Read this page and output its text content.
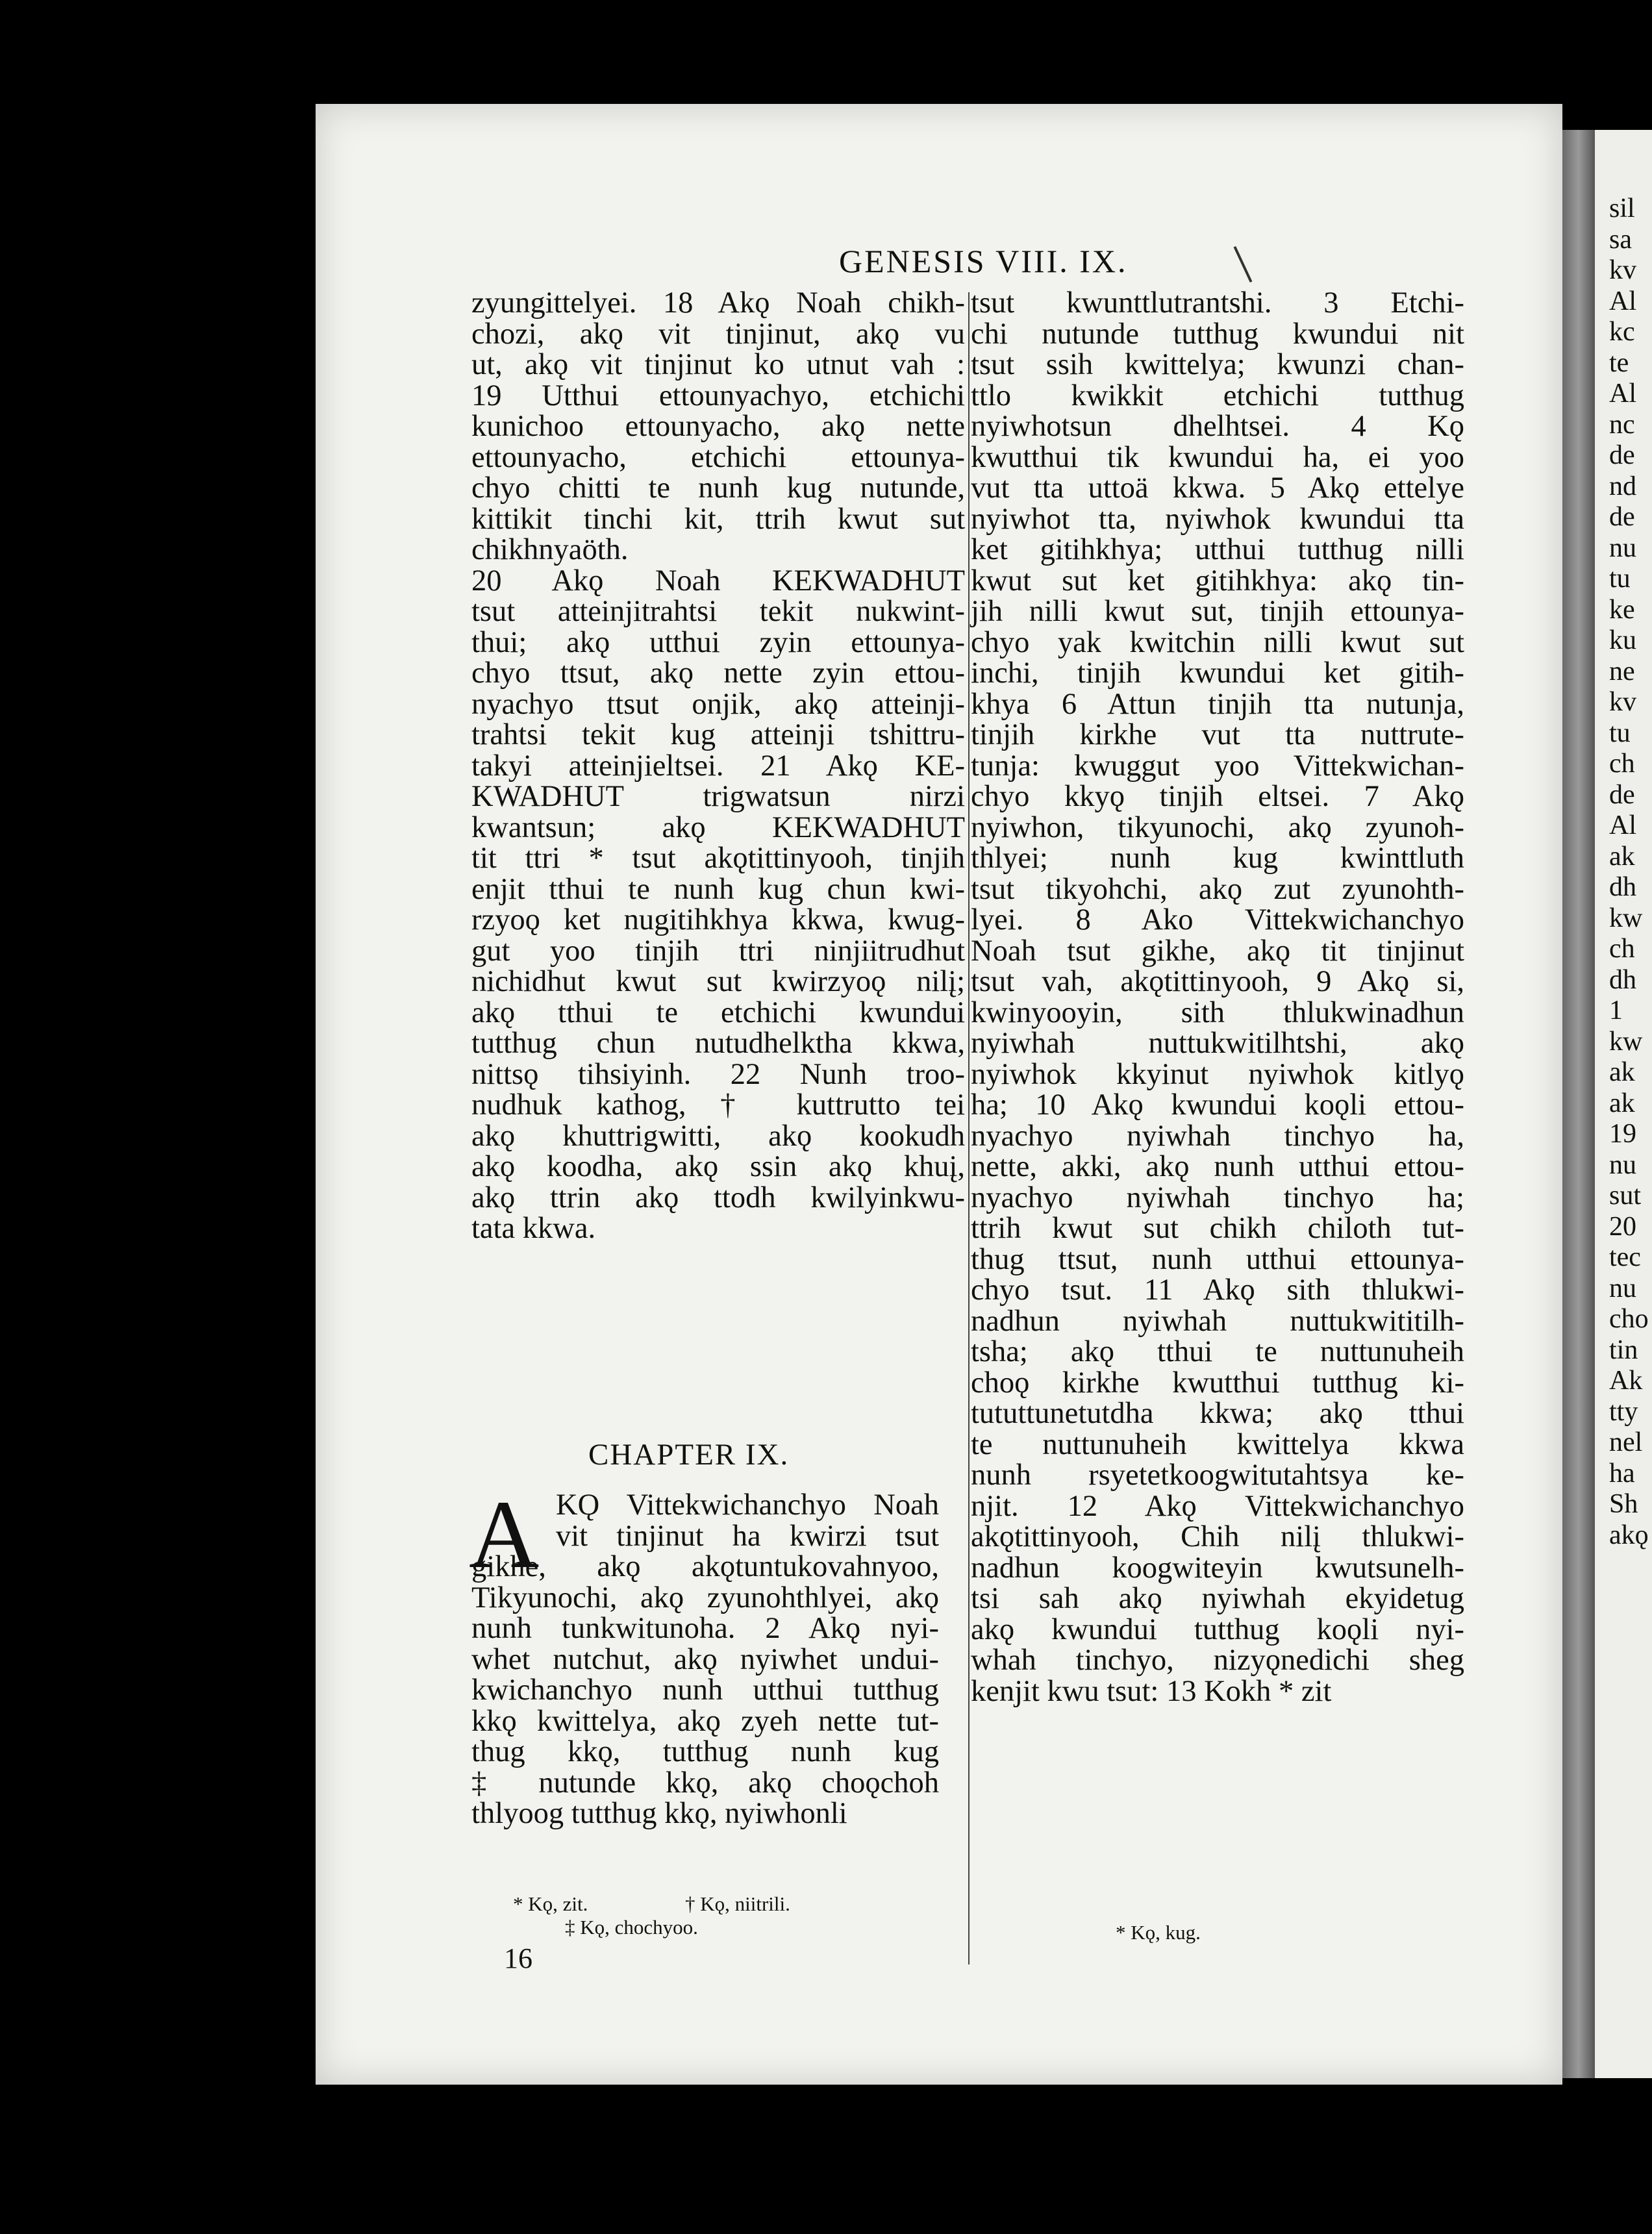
sil
sa
kv
Al
kc
te
Al
nc
de
nd
de
nu
tu
ke
ku
ne
kv
tu
ch
de
Al
ak
dh
kw
ch
dh
1
kw
ak
ak
19
nu
sut
20
tec
nu
cho
tin
Ak
tty
nel
ha
Sh
akǫ
GENESIS VIII. IX.
zyungittelyei. 18 Akǫ Noah chikh-
chozi, akǫ vit tinjinut, akǫ vu
ut, akǫ vit tinjinut ko utnut vah :
19 Utthui ettounyachyo, etchichi
kunichoo ettounyacho, akǫ nette
ettounyacho, etchichi ettounya-
chyo chitti te nunh kug nutunde,
kittikit tinchi kit, ttrih kwut sut
chikhnyaöth.
20 Akǫ Noah KEKWADHUT
tsut atteinjitrahtsi tekit nukwint-
thui; akǫ utthui zyin ettounya-
chyo ttsut, akǫ nette zyin ettou-
nyachyo ttsut onjik, akǫ atteinji-
trahtsi tekit kug atteinji tshittru-
takyi atteinjieltsei. 21 Akǫ KE-
KWADHUT trigwatsun nirzi
kwantsun; akǫ KEKWADHUT
tit ttri * tsut akǫtittinyooh, tinjih
enjit tthui te nunh kug chun kwi-
rzyoǫ ket nugitihkhya kkwa, kwug-
gut yoo tinjih ttri ninjiitrudhut
nichidhut kwut sut kwirzyoǫ nilį;
akǫ tthui te etchichi kwundui
tutthug chun nutudhelktha kkwa,
nittsǫ tihsiyinh. 22 Nunh troo-
nudhuk kathog, † kuttrutto tei
akǫ khuttrigwitti, akǫ kookudh
akǫ koodha, akǫ ssin akǫ khuį,
akǫ ttrin akǫ ttodh kwilyinkwu-
tata kkwa.
tsut kwunttlutrantshi. 3 Etchi-
chi nutunde tutthug kwundui nit
tsut ssih kwittelya; kwunzi chan-
ttlo kwikkit etchichi tutthug
nyiwhotsun dhelhtsei. 4 Kǫ
kwutthui tik kwundui ha, ei yoo
vut tta uttoä kkwa. 5 Akǫ ettelye
nyiwhot tta, nyiwhok kwundui tta
ket gitihkhya; utthui tutthug nilli
kwut sut ket gitihkhya: akǫ tin-
jih nilli kwut sut, tinjih ettounya-
chyo yak kwitchin nilli kwut sut
inchi, tinjih kwundui ket gitih-
khya 6 Attun tinjih tta nutunja,
tinjih kirkhe vut tta nuttrute-
tunja: kwuggut yoo Vittekwichan-
chyo kkyǫ tinjih eltsei. 7 Akǫ
nyiwhon, tikyunochi, akǫ zyunoh-
thlyei; nunh kug kwinttluth
tsut tikyohchi, akǫ zut zyunohth-
lyei. 8 Ako Vittekwichanchyo
Noah tsut gikhe, akǫ tit tinjinut
tsut vah, akǫtittinyooh, 9 Akǫ si,
kwinyooyin, sith thlukwinadhun
nyiwhah nuttukwitilhtshi, akǫ
nyiwhok kkyinut nyiwhok kitlyǫ
ha; 10 Akǫ kwundui koǫli ettou-
nyachyo nyiwhah tinchyo ha,
nette, akki, akǫ nunh utthui ettou-
nyachyo nyiwhah tinchyo ha;
ttrih kwut sut chikh chiloth tut-
thug ttsut, nunh utthui ettounya-
chyo tsut. 11 Akǫ sith thlukwi-
nadhun nyiwhah nuttukwititilh-
tsha; akǫ tthui te nuttunuheih
choǫ kirkhe kwutthui tutthug ki-
tututtunetutdha kkwa; akǫ tthui
te nuttunuheih kwittelya kkwa
nunh rsyetetkoogwitutahtsya ke-
njit. 12 Akǫ Vittekwichanchyo
akǫtittinyooh, Chih nilį thlukwi-
nadhun koogwiteyin kwutsunelh-
tsi sah akǫ nyiwhah ekyidetug
akǫ kwundui tutthug koǫli nyi-
whah tinchyo, nizyǫnedichi sheg
kenjit kwu tsut: 13 Kokh * zit
CHAPTER IX.
A KǪ Vittekwichanchyo Noah
vit tinjinut ha kwirzi tsut
gikhe, akǫ akǫtuntukovahnyoo,
Tikyunochi, akǫ zyunohthlyei, akǫ
nunh tunkwitunoha. 2 Akǫ nyi-
whet nutchut, akǫ nyiwhet undui-
kwichanchyo nunh utthui tutthug
kkǫ kwittelya, akǫ zyeh nette tut-
thug kkǫ, tutthug nunh kug
‡ nutunde kkǫ, akǫ choǫchoh
thlyoog tutthug kkǫ, nyiwhonli
* Kǫ, zit.	† Kǫ, niitrili.
‡ Kǫ, chochyoo.
16
* Kǫ, kug.
